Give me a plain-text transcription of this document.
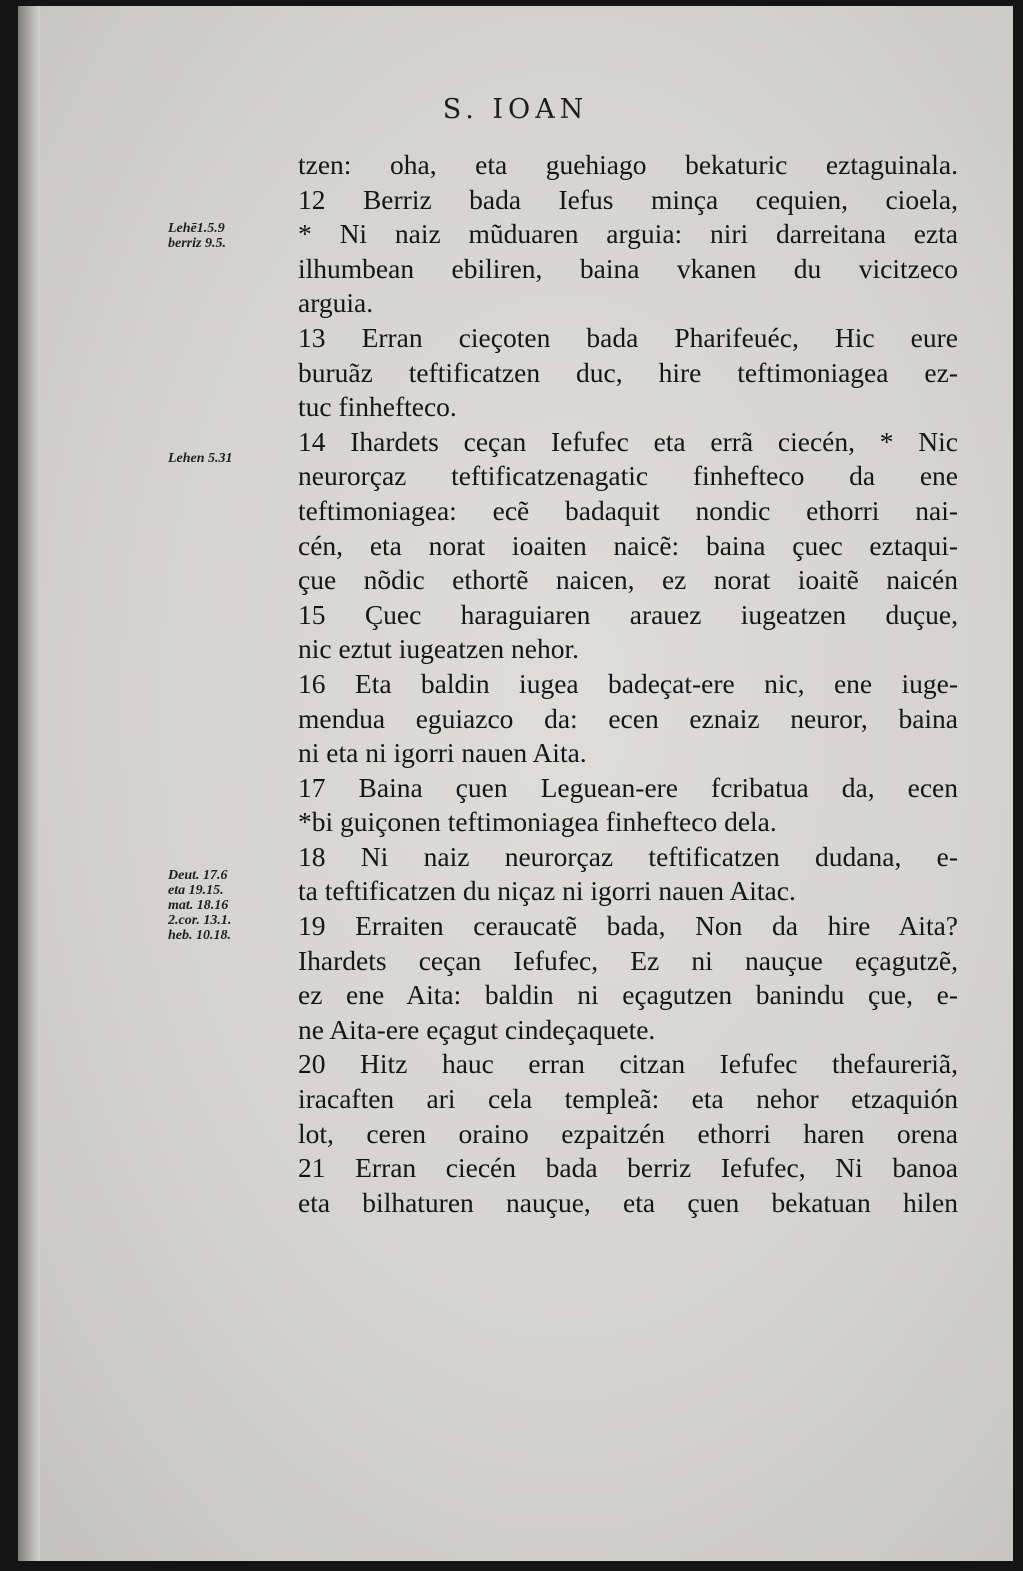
S. IOAN
Lehē1.5.9
berriz 9.5.
Lehen 5.31
Deut. 17.6
eta 19.15.
mat. 18.16
2.cor. 13.1.
heb. 10.18.
tzen: oha, eta guehiago bekaturic eztaguinala.
12 Berriz bada Iefus minça cequien, cioela,
* Ni naiz mũduaren arguia: niri darreitana ezta
ilhumbean ebiliren, baina vkanen du vicitzeco
arguia.
13 Erran cieçoten bada Pharifeuéc, Hic eure
buruãz teftificatzen duc, hire teftimoniagea ez-
tuc finhefteco.
14 Ihardets ceçan Iefufec eta errã ciecén, * Nic
neurorçaz teftificatzenagatic finhefteco da ene
teftimoniagea: ecẽ badaquit nondic ethorri nai-
cén, eta norat ioaiten naicẽ: baina çuec eztaqui-
çue nõdic ethortẽ naicen, ez norat ioaitẽ naicén
15 Çuec haraguiaren arauez iugeatzen duçue,
nic eztut iugeatzen nehor.
16 Eta baldin iugea badeçat-ere nic, ene iuge-
mendua eguiazco da: ecen eznaiz neuror, baina
ni eta ni igorri nauen Aita.
17 Baina çuen Leguean-ere fcribatua da, ecen
*bi guiçonen teftimoniagea finhefteco dela.
18 Ni naiz neurorçaz teftificatzen dudana, e-
ta teftificatzen du niçaz ni igorri nauen Aitac.
19 Erraiten ceraucatẽ bada, Non da hire Aita?
Ihardets ceçan Iefufec, Ez ni nauçue eçagutzẽ,
ez ene Aita: baldin ni eçagutzen banindu çue, e-
ne Aita-ere eçagut cindeçaquete.
20 Hitz hauc erran citzan Iefufec thefaureriã,
iracaften ari cela templeã: eta nehor etzaquión
lot, ceren oraino ezpaitzén ethorri haren orena
21 Erran ciecén bada berriz Iefufec, Ni banoa
eta bilhaturen nauçue, eta çuen bekatuan hilen
